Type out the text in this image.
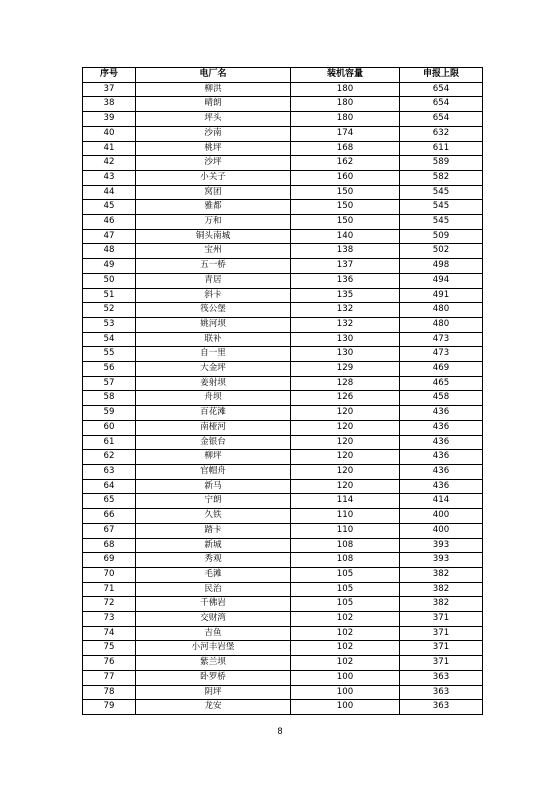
序号	电厂名	装机容量	申报上限
37	柳洪	180	654
38	晴朗	180	654
39	坪头	180	654
40	沙南	174	632
41	桃坪	168	611
42	沙坪	162	589
43	小关子	160	582
44	窝团	150	545
45	雅都	150	545
46	万和	150	545
47	铜头南城	140	509
48	宝州	138	502
49	五一桥	137	498
50	青居	136	494
51	斜卡	135	491
52	筏公堡	132	480
53	姚河坝	132	480
54	联补	130	473
55	自一里	130	473
56	大金坪	129	469
57	姜射坝	128	465
58	舟坝	126	458
59	百花滩	120	436
60	南桠河	120	436
61	金银台	120	436
62	柳坪	120	436
63	官帽舟	120	436
64	新马	120	436
65	宁朗	114	414
66	久铁	110	400
67	踏卡	110	400
68	新城	108	393
69	秀观	108	393
70	毛滩	105	382
71	民治	105	382
72	千佛岩	105	382
73	交财湾	102	371
74	吉鱼	102	371
75	小河丰岩堡	102	371
76	紫兰坝	102	371
77	卧罗桥	100	363
78	阴坪	100	363
79	龙安	100	363
8
